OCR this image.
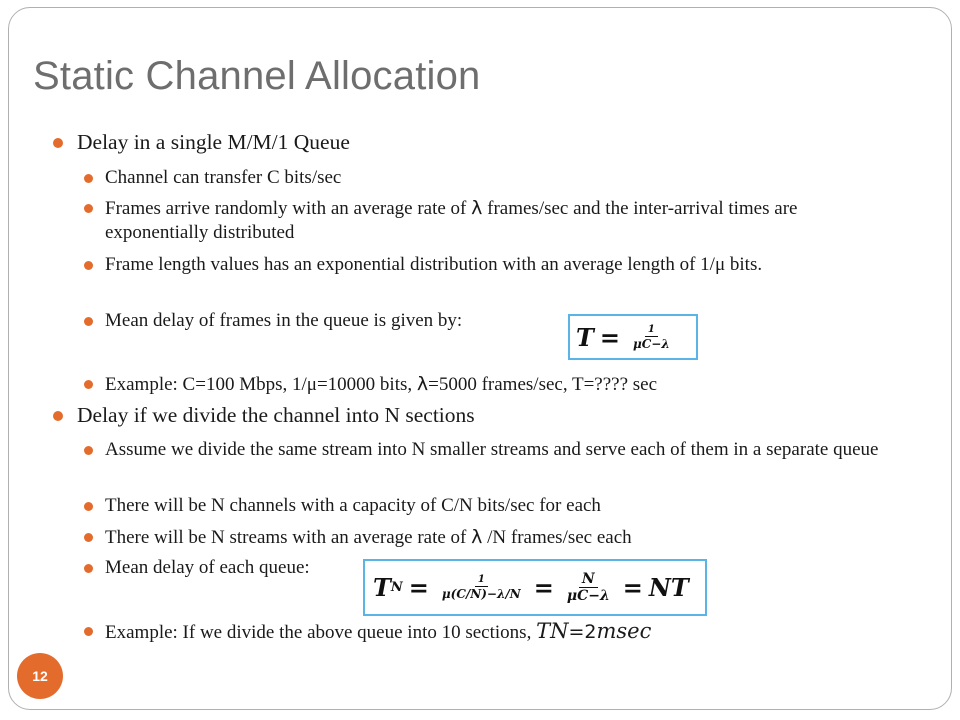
Static Channel Allocation
Delay in a single M/M/1 Queue
Channel can transfer C bits/sec
Frames arrive randomly with an average rate of λ frames/sec and the inter-arrival times are exponentially distributed
Frame length values has an exponential distribution with an average length of 1/μ bits.
Mean delay of frames in the queue is given by:
$T = \frac{1}{\mu C-\lambda}$
Example: C=100 Mbps, 1/μ=10000 bits, λ=5000 frames/sec, T=???? sec
Delay if we divide the channel into N sections
Assume we divide the same stream into N smaller streams and serve each of them in a separate queue
There will be N channels with a capacity of C/N bits/sec for each
There will be N streams with an average rate of λ /N frames/sec each
Mean delay of each queue:
T $N = \frac{1}{\mu(C/N)-\lambda/N} = \frac{N}{\mu C-\lambda}$ = NT
Example: If we divide the above queue into 10 sections, TN=2msec
12
